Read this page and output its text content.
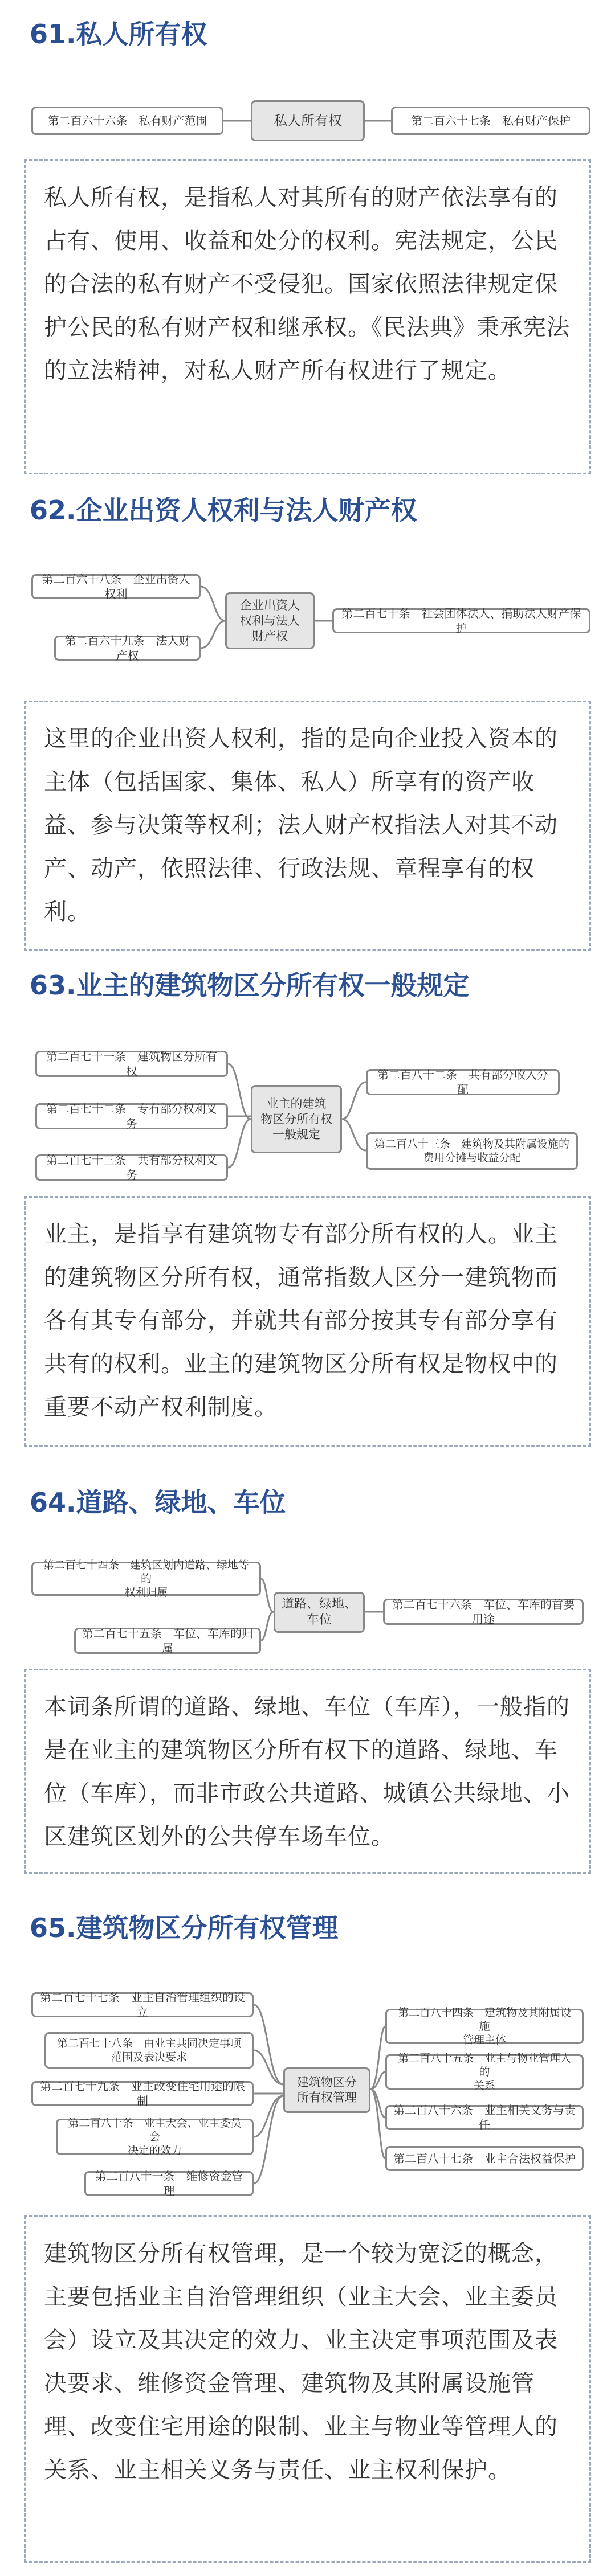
61.私人所有权
第二百六十六条　私有财产范围	私人所有权	第二百六十七条　私有财产保护
私人所有权，是指私人对其所有的财产依法享有的占有、使用、收益和处分的权利。宪法规定，公民的合法的私有财产不受侵犯。国家依照法律规定保护公民的私有财产权和继承权。《民法典》秉承宪法的立法精神，对私人财产所有权进行了规定。
62.企业出资人权利与法人财产权
第二百六十八条　企业出资人权利
第二百六十九条　法人财产权
企业出资人
权利与法人
财产权
第二百七十条　社会团体法人、捐助法人财产保护
这里的企业出资人权利，指的是向企业投入资本的主体（包括国家、集体、私人）所享有的资产收益、参与决策等权利；法人财产权指法人对其不动产、动产，依照法律、行政法规、章程享有的权利。
63.业主的建筑物区分所有权一般规定
第二百七十一条　建筑物区分所有权
第二百七十二条　专有部分权利义务
第二百七十三条　共有部分权利义务
业主的建筑
物区分所有权
一般规定
第二百八十二条　共有部分收入分配
第二百八十三条　建筑物及其附属设施的
费用分摊与收益分配
业主，是指享有建筑物专有部分所有权的人。业主的建筑物区分所有权，通常指数人区分一建筑物而各有其专有部分，并就共有部分按其专有部分享有共有的权利。业主的建筑物区分所有权是物权中的重要不动产权利制度。
64.道路、绿地、车位
第二百七十四条　建筑区划内道路、绿地等的
权利归属
第二百七十五条　车位、车库的归属
道路、绿地、
车位
第二百七十六条　车位、车库的首要用途
本词条所谓的道路、绿地、车位（车库），一般指的是在业主的建筑物区分所有权下的道路、绿地、车位（车库），而非市政公共道路、城镇公共绿地、小区建筑区划外的公共停车场车位。
65.建筑物区分所有权管理
第二百七十七条　业主自治管理组织的设立
第二百七十八条　由业主共同决定事项
范围及表决要求
第二百七十九条　业主改变住宅用途的限制
第二百八十条　业主大会、业主委员会
决定的效力
第二百八十一条　维修资金管理
建筑物区分
所有权管理
第二百八十四条　建筑物及其附属设施
管理主体
第二百八十五条　业主与物业管理人的
关系
第二百八十六条　业主相关义务与责任
第二百八十七条　业主合法权益保护
建筑物区分所有权管理，是一个较为宽泛的概念，主要包括业主自治管理组织（业主大会、业主委员会）设立及其决定的效力、业主决定事项范围及表决要求、维修资金管理、建筑物及其附属设施管理、改变住宅用途的限制、业主与物业等管理人的关系、业主相关义务与责任、业主权利保护。
